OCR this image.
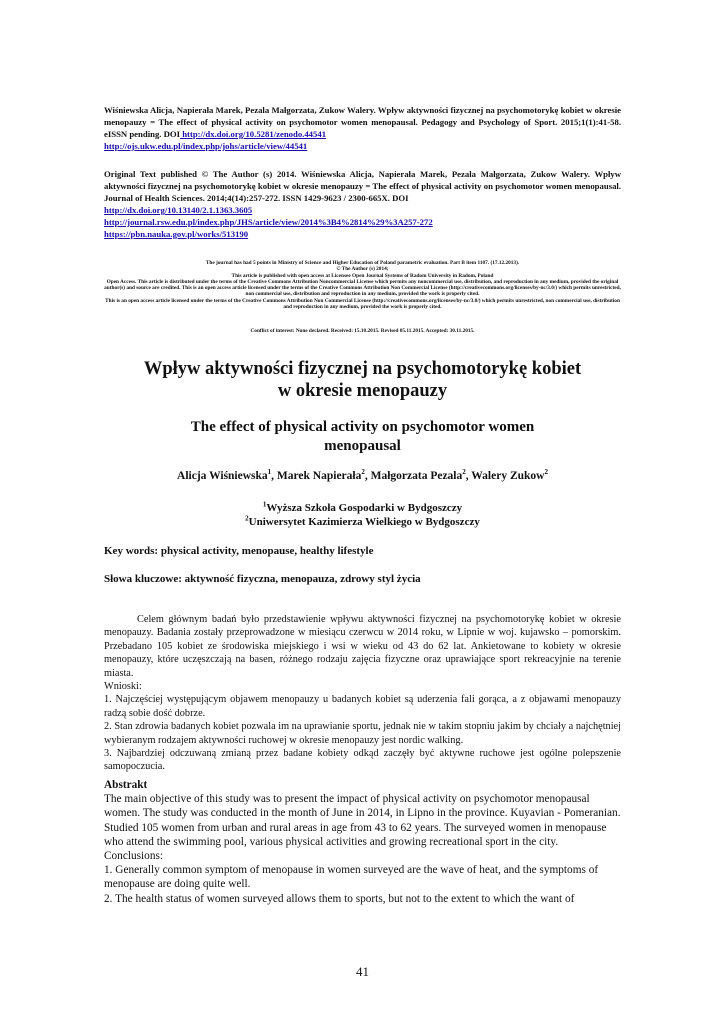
Wiśniewska Alicja, Napierała Marek, Pezala Małgorzata, Zukow Walery. Wpływ aktywności fizycznej na psychomotorykę kobiet w okresie menopauzy = The effect of physical activity on psychomotor women menopausal. Pedagogy and Psychology of Sport. 2015;1(1):41-58. eISSN pending. DOI http://dx.doi.org/10.5281/zenodo.44541
http://ojs.ukw.edu.pl/index.php/johs/article/view/44541

Original Text published © The Author (s) 2014. Wiśniewska Alicja, Napierała Marek, Pezala Małgorzata, Zukow Walery. Wpływ aktywności fizycznej na psychomotorykę kobiet w okresie menopauzy = The effect of physical activity on psychomotor women menopausal. Journal of Health Sciences. 2014;4(14):257-272. ISSN 1429-9623 / 2300-665X. DOI
http://dx.doi.org/10.13140/2.1.1363.3605
http://journal.rsw.edu.pl/index.php/JHS/article/view/2014%3B4%2814%29%3A257-272
https://pbn.nauka.gov.pl/works/513190

The journal has had 5 points in Ministry of Science and Higher Education of Poland parametric evaluation. Part B item 1107. (17.12.2013).

© The Author (s) 2014;

This article is published with open access at Licensee Open Journal Systems of Radom University in Radom, Poland

Open Access. This article is distributed under the terms of the Creative Commons Attribution Noncommercial License which permits any noncommercial use, distribution, and reproduction in any medium, provided the original author(s) and source are credited. This is an open access article licensed under the terms of the Creative Commons Attribution Non Commercial License (http://creativecommons.org/licenses/by-nc/3.0/) which permits unrestricted, non commercial use, distribution and reproduction in any medium, provided the work is properly cited.

This is an open access article licensed under the terms of the Creative Commons Attribution Non Commercial License (http://creativecommons.org/licenses/by-nc/3.0/) which permits unrestricted, non commercial use, distribution and reproduction in any medium, provided the work is properly cited.

Conflict of interest: None declared. Received: 15.10.2015. Revised 05.11.2015. Accepted: 30.11.2015.

Wpływ aktywności fizycznej na psychomotorykę kobiet

w okresie menopauzy

The effect of physical activity on psychomotor women

menopausal

Alicja Wiśniewska$^1$, Marek Napierała$^2$, Małgorzata Pezala$^2$, Walery Zukow$^2$

$^1$Wyższa Szkoła Gospodarki w Bydgoszczy

$^2$Uniwersytet Kazimierza Wielkiego w Bydgoszczy

Key words: physical activity, menopause, healthy lifestyle
Słowa kluczowe: aktywność fizyczna, menopauza, zdrowy styl życia

Celem głównym badań było przedstawienie wpływu aktywności fizycznej na psychomotorykę kobiet w okresie menopauzy. Badania zostały przeprowadzone w miesiącu czerwcu w 2014 roku, w Lipnie w woj. kujawsko – pomorskim. Przebadano 105 kobiet ze środowiska miejskiego i wsi w wieku od 43 do 62 lat. Ankietowane to kobiety w okresie menopauzy, które uczęszczają na basen, różnego rodzaju zajęcia fizyczne oraz uprawiające sport rekreacyjnie na terenie miasta.

Wnioski:

1. Najczęściej występującym objawem menopauzy u badanych kobiet są uderzenia fali gorąca, a z objawami menopauzy radzą sobie dość dobrze.

2. Stan zdrowia badanych kobiet pozwala im na uprawianie sportu, jednak nie w takim stopniu jakim by chciały a najchętniej wybieranym rodzajem aktywności ruchowej w okresie menopauzy jest nordic walking.

3. Najbardziej odczuwaną zmianą przez badane kobiety odkąd zaczęły być aktywne ruchowe jest ogólne polepszenie samopoczucia.

Abstrakt

The main objective of this study was to present the impact of physical activity on psychomotor menopausal women. The study was conducted in the month of June in 2014, in Lipno in the province. Kuyavian - Pomeranian. Studied 105 women from urban and rural areas in age from 43 to 62 years. The surveyed women in menopause who attend the swimming pool, various physical activities and growing recreational sport in the city.

Conclusions:

1. Generally common symptom of menopause in women surveyed are the wave of heat, and the symptoms of menopause are doing quite well.

2. The health status of women surveyed allows them to sports, but not to the extent to which the want of

41
